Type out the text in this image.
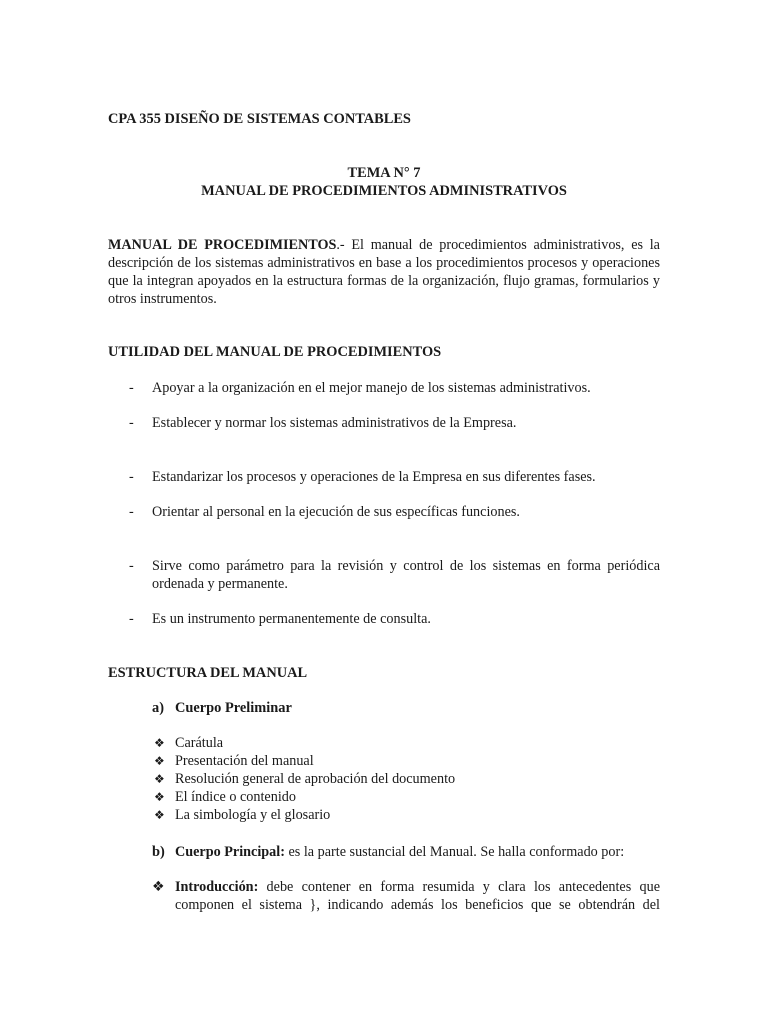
CPA 355 DISEÑO DE SISTEMAS CONTABLES

TEMA N° 7

MANUAL DE PROCEDIMIENTOS ADMINISTRATIVOS

MANUAL DE PROCEDIMIENTOS.- El manual de procedimientos administrativos, es la descripción de los sistemas administrativos en base a los procedimientos procesos y operaciones que la integran apoyados en la estructura formas de la organización, flujo gramas, formularios y otros instrumentos.

UTILIDAD DEL MANUAL DE PROCEDIMIENTOS

- Apoyar a la organización en el mejor manejo de los sistemas administrativos.

- Establecer y normar los sistemas administrativos de la Empresa.

- Estandarizar los procesos y operaciones de la Empresa en sus diferentes fases.

- Orientar al personal en la ejecución de sus específicas funciones.

- Sirve como parámetro para la revisión y control de los sistemas en forma periódica ordenada y permanente.

- Es un instrumento permanentemente de consulta.

ESTRUCTURA DEL MANUAL

a) Cuerpo Preliminar
❖ Carátula
❖ Presentación del manual
❖ Resolución general de aprobación del documento
❖ El índice o contenido
❖ La simbología y el glosario
b) Cuerpo Principal: es la parte sustancial del Manual. Se halla conformado por:
❖ Introducción: debe contener en forma resumida y clara los antecedentes que

componen el sistema }, indicando además los beneficios que se obtendrán del
